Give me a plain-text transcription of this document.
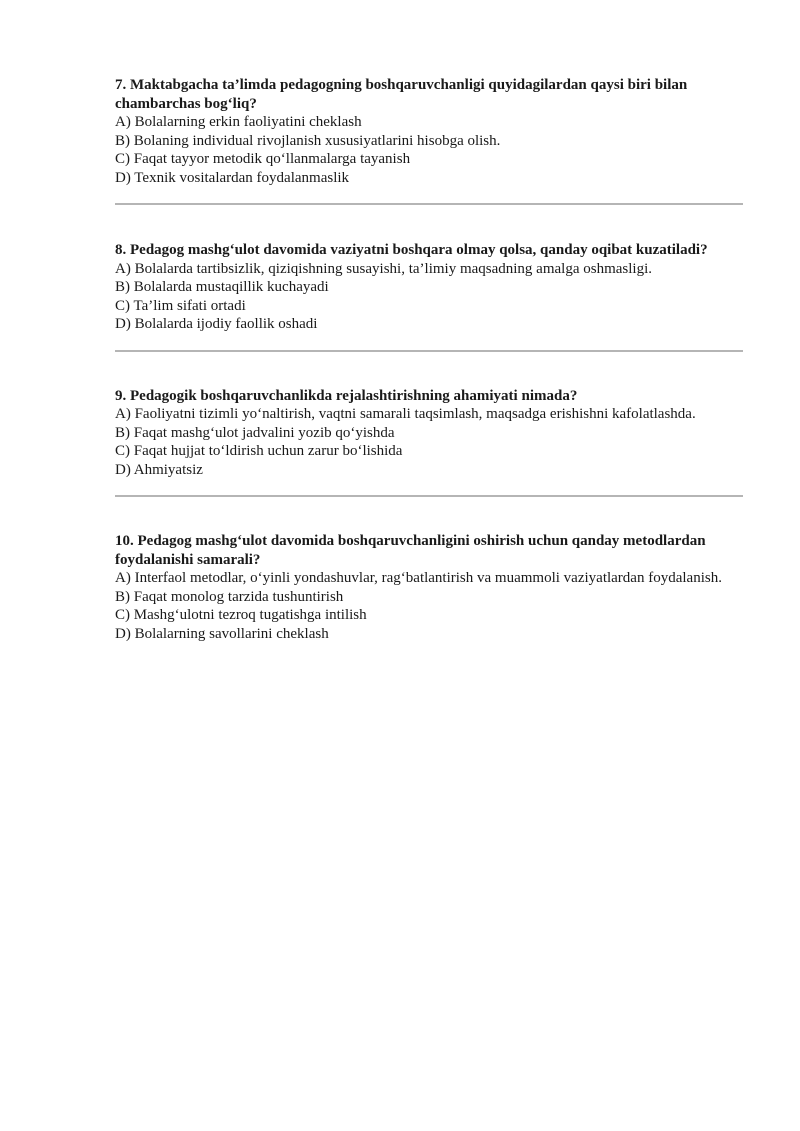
7. Maktabgacha ta’limda pedagogning boshqaruvchanligi quyidagilardan qaysi biri bilan chambarchas bog‘liq?

A) Bolalarning erkin faoliyatini cheklash

B) Bolaning individual rivojlanish xususiyatlarini hisobga olish.

C) Faqat tayyor metodik qo‘llanmalarga tayanish

D) Texnik vositalardan foydalanmaslik

8. Pedagog mashg‘ulot davomida vaziyatni boshqara olmay qolsa, qanday oqibat kuzatiladi?

A) Bolalarda tartibsizlik, qiziqishning susayishi, ta’limiy maqsadning amalga oshmasligi.

B) Bolalarda mustaqillik kuchayadi

C) Ta’lim sifati ortadi

D) Bolalarda ijodiy faollik oshadi

9. Pedagogik boshqaruvchanlikda rejalashtirishning ahamiyati nimada?

A) Faoliyatni tizimli yo‘naltirish, vaqtni samarali taqsimlash, maqsadga erishishni kafolatlashda.

B) Faqat mashg‘ulot jadvalini yozib qo‘yishda

C) Faqat hujjat to‘ldirish uchun zarur bo‘lishida

D) Ahmiyatsiz

10. Pedagog mashg‘ulot davomida boshqaruvchanligini oshirish uchun qanday metodlardan foydalanishi samarali?

A) Interfaol metodlar, o‘yinli yondashuvlar, rag‘batlantirish va muammoli vaziyatlardan foydalanish.

B) Faqat monolog tarzida tushuntirish

C) Mashg‘ulotni tezroq tugatishga intilish

D) Bolalarning savollarini cheklash
